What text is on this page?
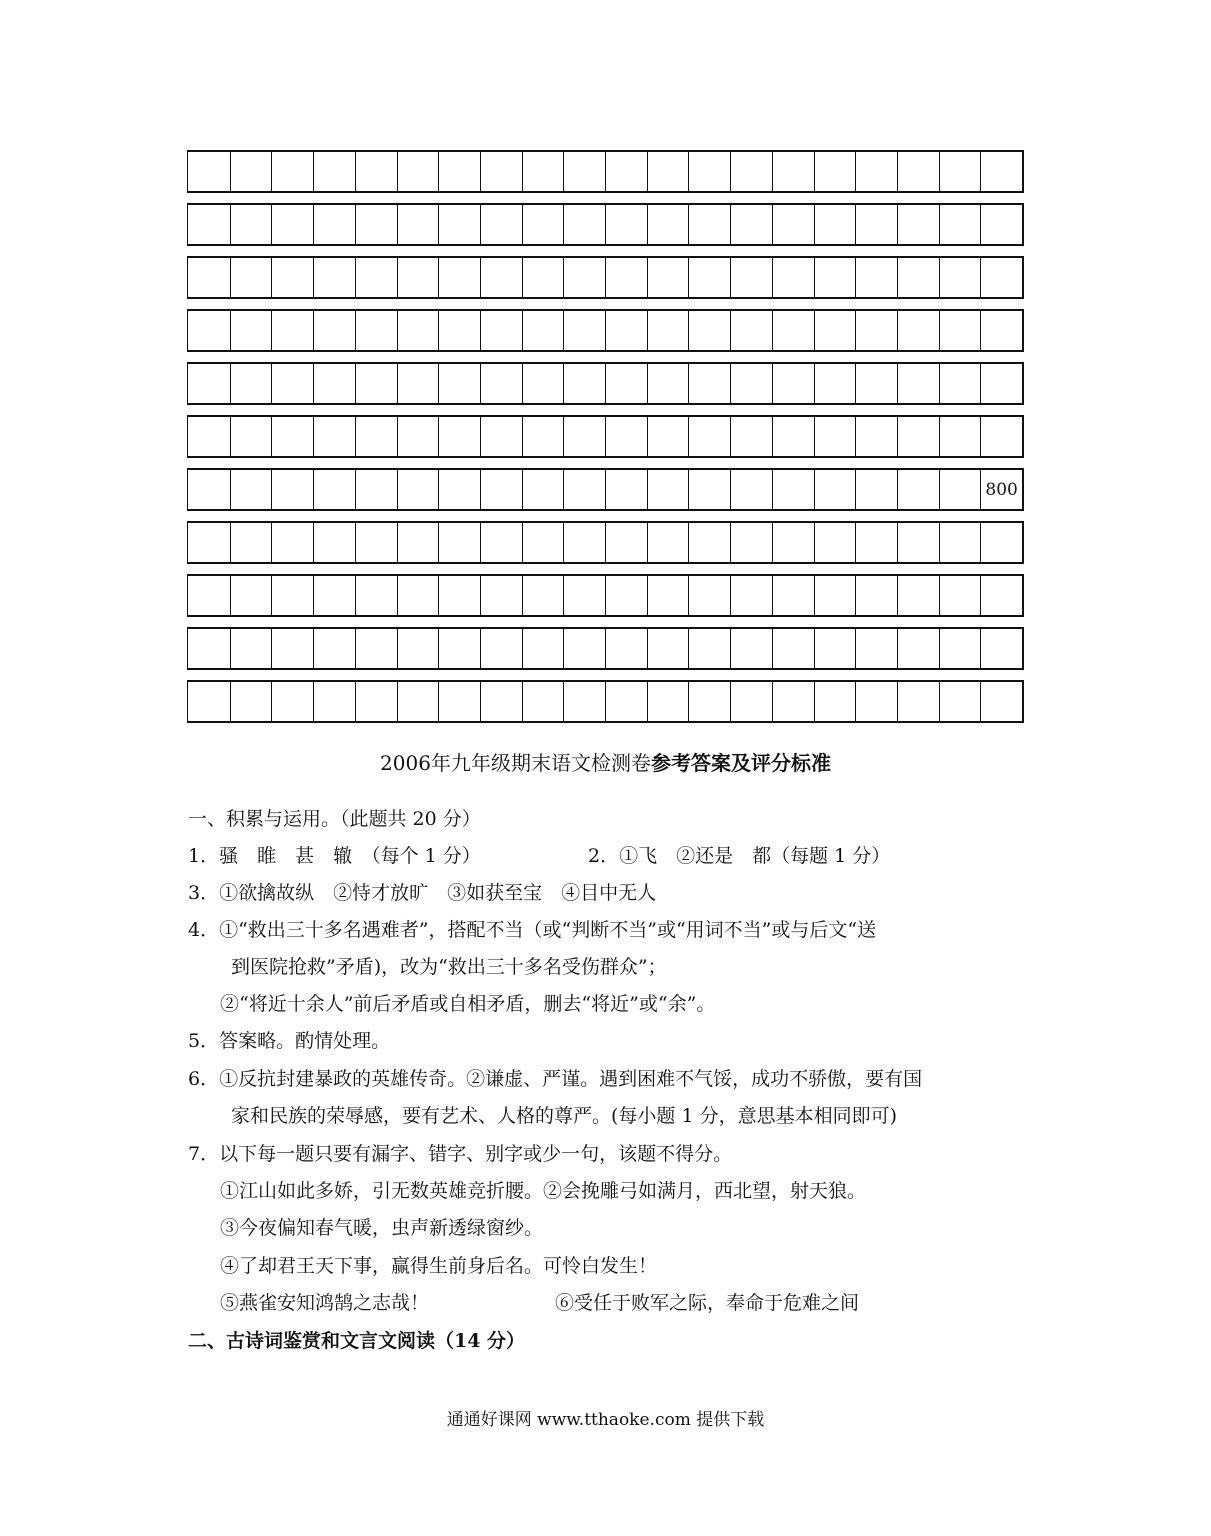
800
2006年九年级期末语文检测卷参考答案及评分标准
一、积累与运用。（此题共 20 分）
1．骚　睢　甚　辙　（每个 1 分）	2．①飞　②还是　都（每题 1 分）
3．①欲擒故纵　②恃才放旷　③如获至宝　④目中无人
4．①“救出三十多名遇难者”，搭配不当（或“判断不当”或“用词不当”或与后文“送
到医院抢救”矛盾)，改为“救出三十多名受伤群众”；
②“将近十余人”前后矛盾或自相矛盾，删去“将近”或“余”。
5．答案略。酌情处理。
6．①反抗封建暴政的英雄传奇。②谦虚、严谨。遇到困难不气馁，成功不骄傲，要有国
家和民族的荣辱感，要有艺术、人格的尊严。(每小题 1 分，意思基本相同即可)
7．以下每一题只要有漏字、错字、别字或少一句，该题不得分。
①江山如此多娇，引无数英雄竞折腰。②会挽雕弓如满月，西北望，射天狼。
③今夜偏知春气暖，虫声新透绿窗纱。
④了却君王天下事，赢得生前身后名。可怜白发生！
⑤燕雀安知鸿鹄之志哉！	⑥受任于败军之际，奉命于危难之间
二、古诗词鉴赏和文言文阅读（14 分）
通通好课网 www.tthaoke.com 提供下载
